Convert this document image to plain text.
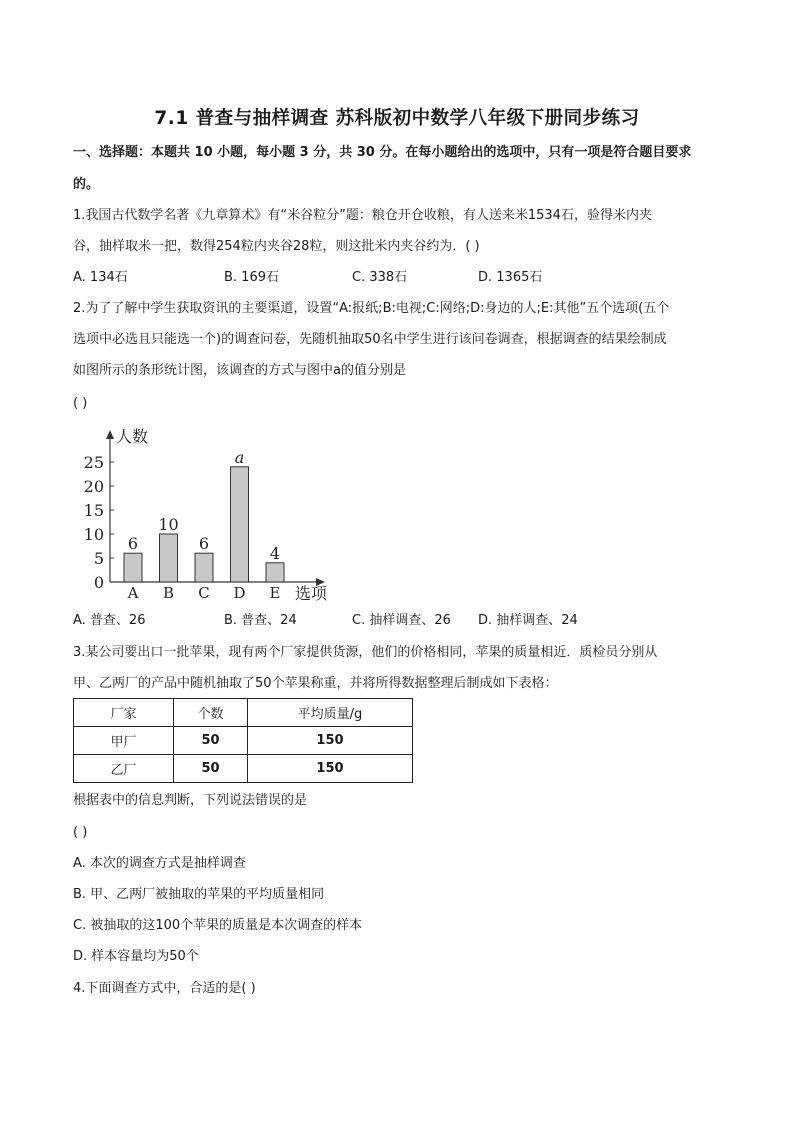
7.1 普查与抽样调查 苏科版初中数学八年级下册同步练习
一、选择题：本题共 10 小题，每小题 3 分，共 30 分。在每小题给出的选项中，只有一项是符合题目要求
的。
1.我国古代数学名著《九章算术》有“米谷粒分”题：粮仓开仓收粮，有人送来米1534石，验得米内夹
谷，抽样取米一把，数得254粒内夹谷28粒，则这批米内夹谷约为．( )
A. 134石	B. 169石	C. 338石	D. 1365石
2.为了了解中学生获取资讯的主要渠道，设置“A:报纸;B:电视;C:网络;D:身边的人;E:其他”五个选项(五个
选项中必选且只能选一个)的调查问卷，先随机抽取50名中学生进行该问卷调查，根据调查的结果绘制成
如图所示的条形统计图，该调查的方式与图中a的值分别是
( )
人数
选项
0
5
10
15
20
25
6
A
10
B
6
C
a
D
4
E
A. 普查、26	B. 普查、24	C. 抽样调查、26 D. 抽样调查、24
3.某公司要出口一批苹果，现有两个厂家提供货源，他们的价格相同，苹果的质量相近．质检员分别从
甲、乙两厂的产品中随机抽取了50个苹果称重，并将所得数据整理后制成如下表格：
厂家	个数	平均质量/g
甲厂	50	150
乙厂	50	150
根据表中的信息判断，下列说法错误的是
( )
A. 本次的调查方式是抽样调查
B. 甲、乙两厂被抽取的苹果的平均质量相同
C. 被抽取的这100个苹果的质量是本次调查的样本
D. 样本容量均为50个
4.下面调查方式中，合适的是( )
